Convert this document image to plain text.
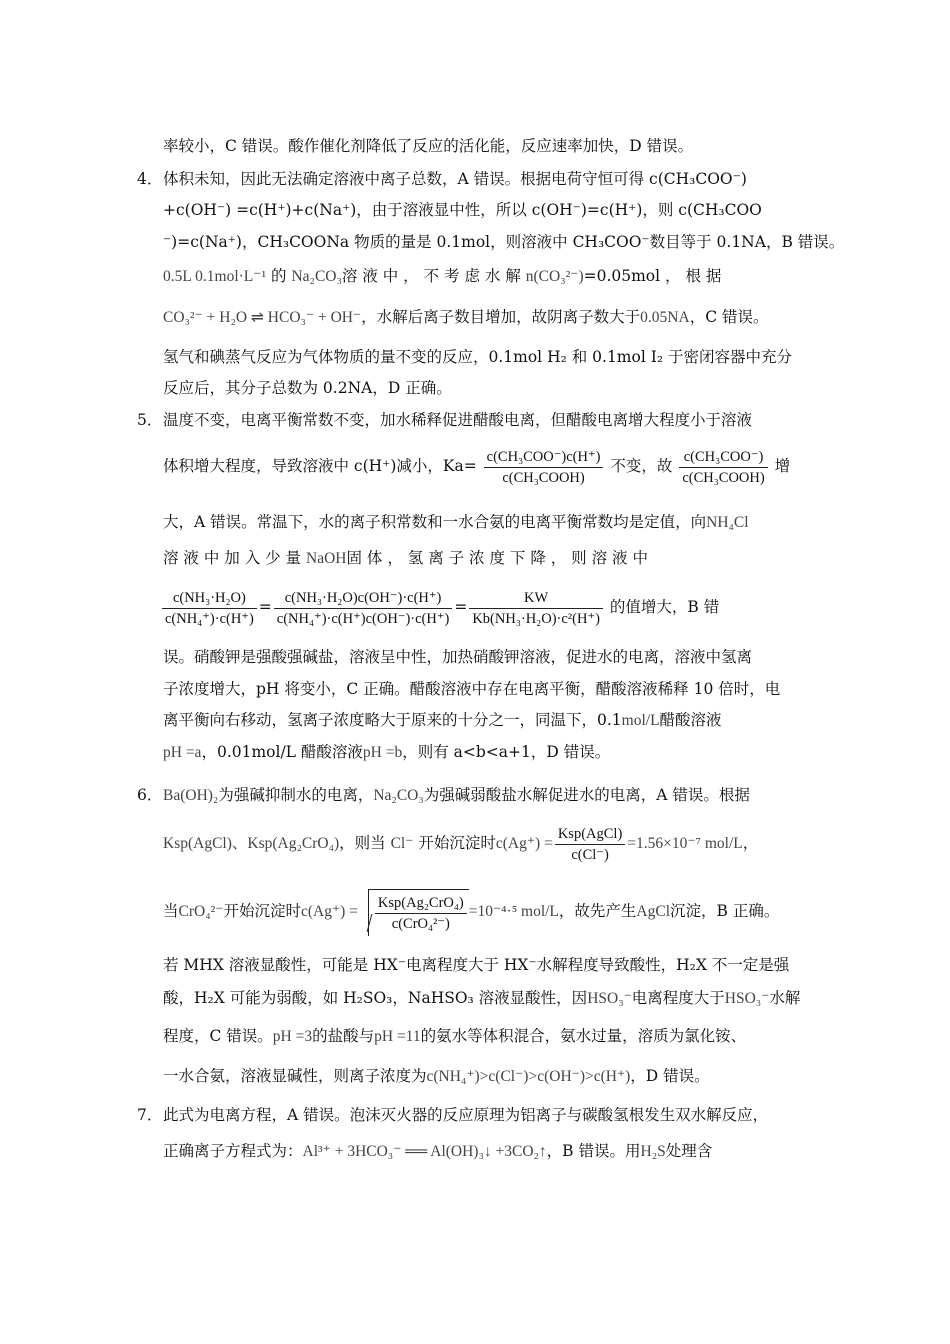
率较小，C 错误。酸作催化剂降低了反应的活化能，反应速率加快，D 错误。
4． 体积未知，因此无法确定溶液中离子总数，A 错误。根据电荷守恒可得 c(CH₃COO⁻)
+c(OH⁻) =c(H⁺)+c(Na⁺)，由于溶液显中性，所以 c(OH⁻)=c(H⁺)，则 c(CH₃COO
⁻)=c(Na⁺)，CH₃COONa 物质的量是 0.1mol，则溶液中 CH₃COO⁻数目等于 0.1NA，B 错误。
0.5L 0.1mol·L⁻¹ 的 Na₂CO₃溶 液 中 ， 不 考 虑 水 解 n(CO₃²⁻)=0.05mol ， 根 据
CO₃²⁻ + H₂O ⇌ HCO₃⁻ + OH⁻，水解后离子数目增加，故阴离子数大于0.05NA，C 错误。
氢气和碘蒸气反应为气体物质的量不变的反应，0.1mol H₂ 和 0.1mol I₂ 于密闭容器中充分
反应后，其分子总数为 0.2NA，D 正确。
5． 温度不变，电离平衡常数不变，加水稀释促进醋酸电离，但醋酸电离增大程度小于溶液
体积增大程度，导致溶液中 c(H⁺)减小，$Ka= \frac{\text{c(CH₃COO⁻)c(H⁺)}}{\text{c(CH₃COOH)}}$ 不变，故 $\frac{\text{c(CH₃COO⁻)}}{\text{c(CH₃COOH)}}$ 增
大，A 错误。常温下，水的离子积常数和一水合氨的电离平衡常数均是定值，向NH₄Cl
溶 液 中 加 入 少 量 NaOH固 体 ， 氢 离 子 浓 度 下 降 ， 则 溶 液 中
$\frac{\text{c(NH₃·H₂O)}}{\text{c(NH₄⁺)·c(H⁺)}} = \frac{\text{c(NH₃·H₂O)c(OH⁻)·c(H⁺)}}{\text{c(NH₄⁺)·c(H⁺)c(OH⁻)·c(H⁺)}} = \frac{KW}{\text{Kb(NH₃·H₂O)·c²(H⁺)}}$ 的值增大，B 错
误。硝酸钾是强酸强碱盐，溶液呈中性，加热硝酸钾溶液，促进水的电离，溶液中氢离
子浓度增大，pH 将变小，C 正确。醋酸溶液中存在电离平衡，醋酸溶液稀释 10 倍时，电
离平衡向右移动，氢离子浓度略大于原来的十分之一，同温下，0.1mol/L醋酸溶液
pH =a，0.01mol/L 醋酸溶液pH =b，则有 a<b<a+1，D 错误。
6． Ba(OH)₂为强碱抑制水的电离，Na₂CO₃为强碱弱酸盐水解促进水的电离，A 错误。根据
Ksp(AgCl)、Ksp(Ag₂CrO₄)，则当 Cl⁻ 开始沉淀时$c(Ag^+) = \frac{\text{Ksp(AgCl)}}{c(Cl^-)} =1.56\times 10^{-7}$ mol/L，
当CrO₄²⁻开始沉淀时$c(Ag^+) = \frac{\text{Ksp(Ag₂CrO₄)}}{\text{c(CrO₄²⁻)}} =10^{-4}\cdot^5$ mol/L，故先产生AgCl沉淀，B 正确。
若 MHX 溶液显酸性，可能是 HX⁻电离程度大于 HX⁻水解程度导致酸性，H₂X 不一定是强
酸，H₂X 可能为弱酸，如 H₂SO₃，NaHSO₃ 溶液显酸性，因HSO₃⁻电离程度大于HSO₃⁻水解
程度，C 错误。pH =3的盐酸与pH =11的氨水等体积混合，氨水过量，溶质为氯化铵、
一水合氨，溶液显碱性，则离子浓度为c(NH₄⁺)>c(Cl⁻)>c(OH⁻)>c(H⁺)，D 错误。
7． 此式为电离方程，A 错误。泡沫灭火器的反应原理为铝离子与碳酸氢根发生双水解反应，
正确离子方程式为：Al³⁺ + 3HCO₃⁻ ══ Al(OH)₃↓ +3CO₂↑，B 错误。用H₂S处理含
